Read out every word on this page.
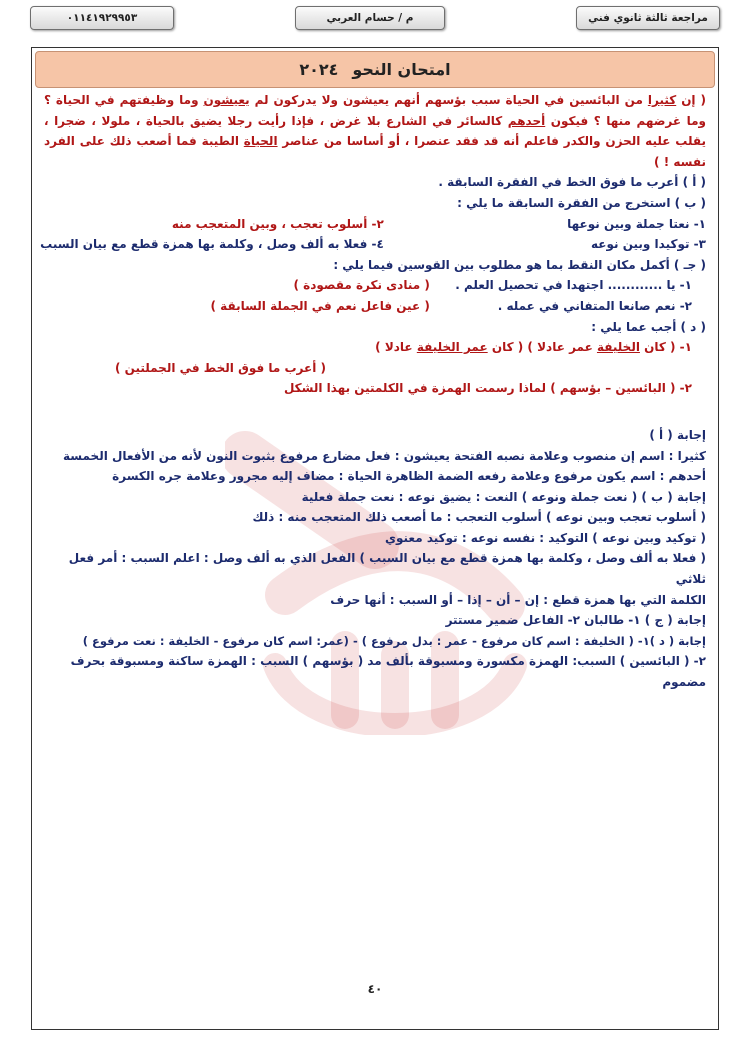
مراجعة ثالثة ثانوي فني
م / حسام العربي
٠١١٤١٩٢٩٩٥٣
امتحان النحو
٢٠٢٤
( إن كثيرا من البائسين في الحياة سبب بؤسهم أنهم يعيشون ولا يدركون لم يعيشون وما وظيفتهم في الحياة ؟ وما غرضهم منها ؟ فيكون أحدهم كالسائر في الشارع بلا غرض ، فإذا رأيت رجلا يضيق بالحياة ، ملولا ، ضجرا ، يقلب عليه الحزن والكدر فاعلم أنه قد فقد عنصرا ، أو أساسا من عناصر الحياة الطيبة فما أصعب ذلك على الفرد نفسه ! )
( أ ) أعرب ما فوق الخط في الفقرة السابقة .
( ب ) استخرج من الفقرة السابقة ما يلي :
١- نعتا جملة وبين نوعها ٢- أسلوب تعجب ، وبين المتعجب منه
٣- توكيدا وبين نوعه ٤- فعلا به ألف وصل ، وكلمة بها همزة قطع مع بيان السبب
( جـ ) أكمل مكان النقط بما هو مطلوب بين القوسين فيما يلي :
١- يا ............ اجتهدا في تحصيل العلم . ( منادى نكرة مقصودة )
٢- نعم صانعا المتفاني في عمله . ( عين فاعل نعم في الجملة السابقة )
( د ) أجب عما يلي :
١- ( كان الخليفة عمر عادلا ) ( كان عمر الخليفة عادلا )
( أعرب ما فوق الخط في الجملتين )
٢- ( البائسين – بؤسهم ) لماذا رسمت الهمزة في الكلمتين بهذا الشكل
إجابة ( أ )
كثيرا : اسم إن منصوب وعلامة نصبه الفتحة يعيشون : فعل مضارع مرفوع بثبوت النون لأنه من الأفعال الخمسة
أحدهم : اسم يكون مرفوع وعلامة رفعه الضمة الظاهرة الحياة : مضاف إليه مجرور وعلامة جره الكسرة
إجابة ( ب ) ( نعت جملة ونوعه ) النعت : يضيق نوعه : نعت جملة فعلية
( أسلوب تعجب وبين نوعه ) أسلوب التعجب : ما أصعب ذلك المتعجب منه : ذلك
( توكيد وبين نوعه ) التوكيد : نفسه نوعه : توكيد معنوي
( فعلا به ألف وصل ، وكلمة بها همزة قطع مع بيان السبب ) الفعل الذي به ألف وصل : اعلم السبب : أمر فعل ثلاثي
الكلمة التي بها همزة قطع : إن – أن – إذا – أو السبب : أنها حرف
إجابة ( ج ) ١- طالبان ٢- الفاعل ضمير مستتر
إجابة ( د )١- ( الخليفة : اسم كان مرفوع - عمر : بدل مرفوع ) - (عمر: اسم كان مرفوع - الخليفة : نعت مرفوع )
٢- ( البائسين ) السبب: الهمزة مكسورة ومسبوقة بألف مد ( بؤسهم ) السبب : الهمزة ساكنة ومسبوقة بحرف مضموم
٤٠
